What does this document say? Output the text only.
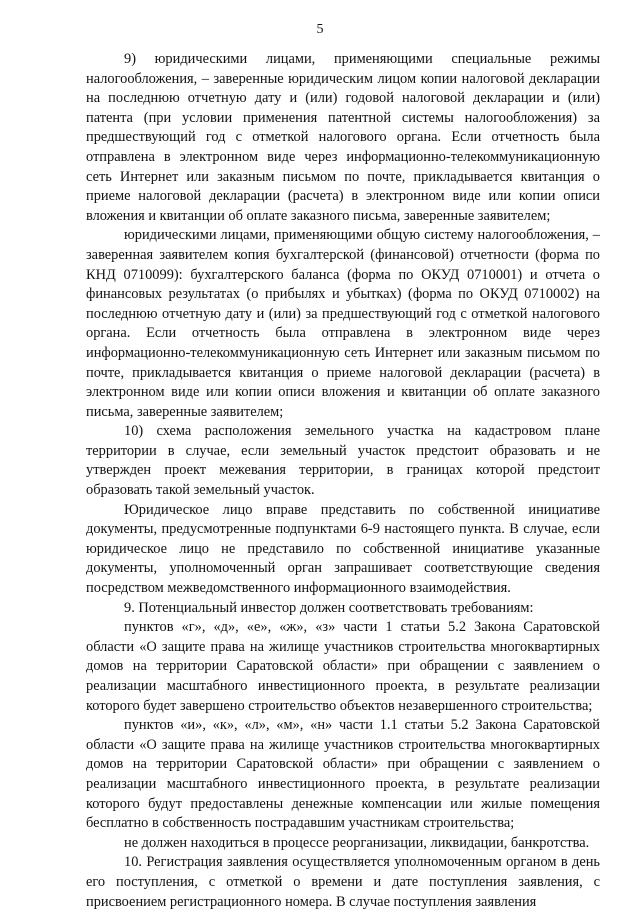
5

9) юридическими лицами, применяющими специальные режимы налогообложения, – заверенные юридическим лицом копии налоговой декларации на последнюю отчетную дату и (или) годовой налоговой декларации и (или) патента (при условии применения патентной системы налогообложения) за предшествующий год с отметкой налогового органа. Если отчетность была отправлена в электронном виде через информационно-телекоммуникационную сеть Интернет или заказным письмом по почте, прикладывается квитанция о приеме налоговой декларации (расчета) в электронном виде или копии описи вложения и квитанции об оплате заказного письма, заверенные заявителем;

юридическими лицами, применяющими общую систему налогообложения, – заверенная заявителем копия бухгалтерской (финансовой) отчетности (форма по КНД 0710099): бухгалтерского баланса (форма по ОКУД 0710001) и отчета о финансовых результатах (о прибылях и убытках) (форма по ОКУД 0710002) на последнюю отчетную дату и (или) за предшествующий год с отметкой налогового органа. Если отчетность была отправлена в электронном виде через информационно-телекоммуникационную сеть Интернет или заказным письмом по почте, прикладывается квитанция о приеме налоговой декларации (расчета) в электронном виде или копии описи вложения и квитанции об оплате заказного письма, заверенные заявителем;

10) схема расположения земельного участка на кадастровом плане территории в случае, если земельный участок предстоит образовать и не утвержден проект межевания территории, в границах которой предстоит образовать такой земельный участок.

Юридическое лицо вправе представить по собственной инициативе документы, предусмотренные подпунктами 6-9 настоящего пункта. В случае, если юридическое лицо не представило по собственной инициативе указанные документы, уполномоченный орган запрашивает соответствующие сведения посредством межведомственного информационного взаимодействия.

9. Потенциальный инвестор должен соответствовать требованиям:

пунктов «г», «д», «е», «ж», «з» части 1 статьи 5.2 Закона Саратовской области «О защите права на жилище участников строительства многоквартирных домов на территории Саратовской области» при обращении с заявлением о реализации масштабного инвестиционного проекта, в результате реализации которого будет завершено строительство объектов незавершенного строительства;

пунктов «и», «к», «л», «м», «н» части 1.1 статьи 5.2 Закона Саратовской области «О защите права на жилище участников строительства многоквартирных домов на территории Саратовской области» при обращении с заявлением о реализации масштабного инвестиционного проекта, в результате реализации которого будут предоставлены денежные компенсации или жилые помещения бесплатно в собственность пострадавшим участникам строительства;

не должен находиться в процессе реорганизации, ликвидации, банкротства.

10. Регистрация заявления осуществляется уполномоченным органом в день его поступления, с отметкой о времени и дате поступления заявления, с присвоением регистрационного номера. В случае поступления заявления
